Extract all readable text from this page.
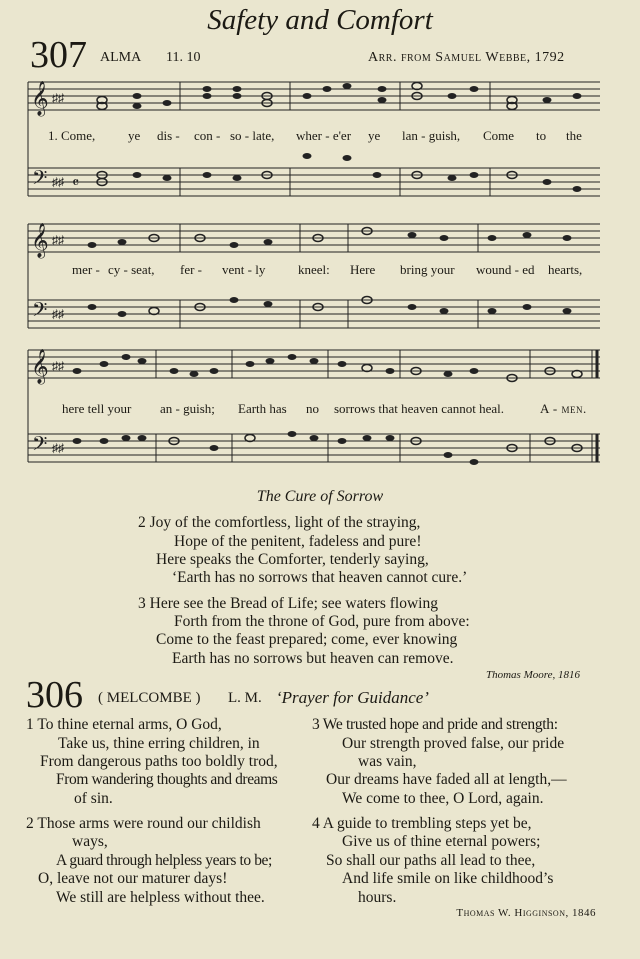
Safety and Comfort
307 ALMA 11. 10	Arr. from Samuel Webbe, 1792
𝄞
𝄢
♯♯
♯♯ 𝄴
1. Come,	ye dis - con - so - late, wher - e'er ye lan - guish, Come to the
𝄞
𝄢
♯♯
♯♯
mer - cy - seat, fer - vent - ly	kneel: Here bring your wound - ed hearts,
𝄞
𝄢
♯♯
♯♯
here tell your an - guish; Earth has no sorrows that heaven cannot heal.	A - men.
The Cure of Sorrow
2 Joy of the comfortless, light of the straying,
Hope of the penitent, fadeless and pure!
Here speaks the Comforter, tenderly saying,
‘Earth has no sorrows that heaven cannot cure.’
3 Here see the Bread of Life; see waters flowing
Forth from the throne of God, pure from above:
Come to the feast prepared; come, ever knowing
Earth has no sorrows but heaven can remove.
Thomas Moore, 1816
306 ( MELCOMBE ) L. M. ‘Prayer for Guidance’
1 To thine eternal arms, O God,
Take us, thine erring children, in
From dangerous paths too boldly trod,
From wandering thoughts and dreams
of sin.
2 Those arms were round our childish
ways,
A guard through helpless years to be;
O, leave not our maturer days!
We still are helpless without thee.
3 We trusted hope and pride and strength:
Our strength proved false, our pride
was vain,
Our dreams have faded all at length,—
We come to thee, O Lord, again.
4 A guide to trembling steps yet be,
Give us of thine eternal powers;
So shall our paths all lead to thee,
And life smile on like childhood’s
hours.
Thomas W. Higginson, 1846
